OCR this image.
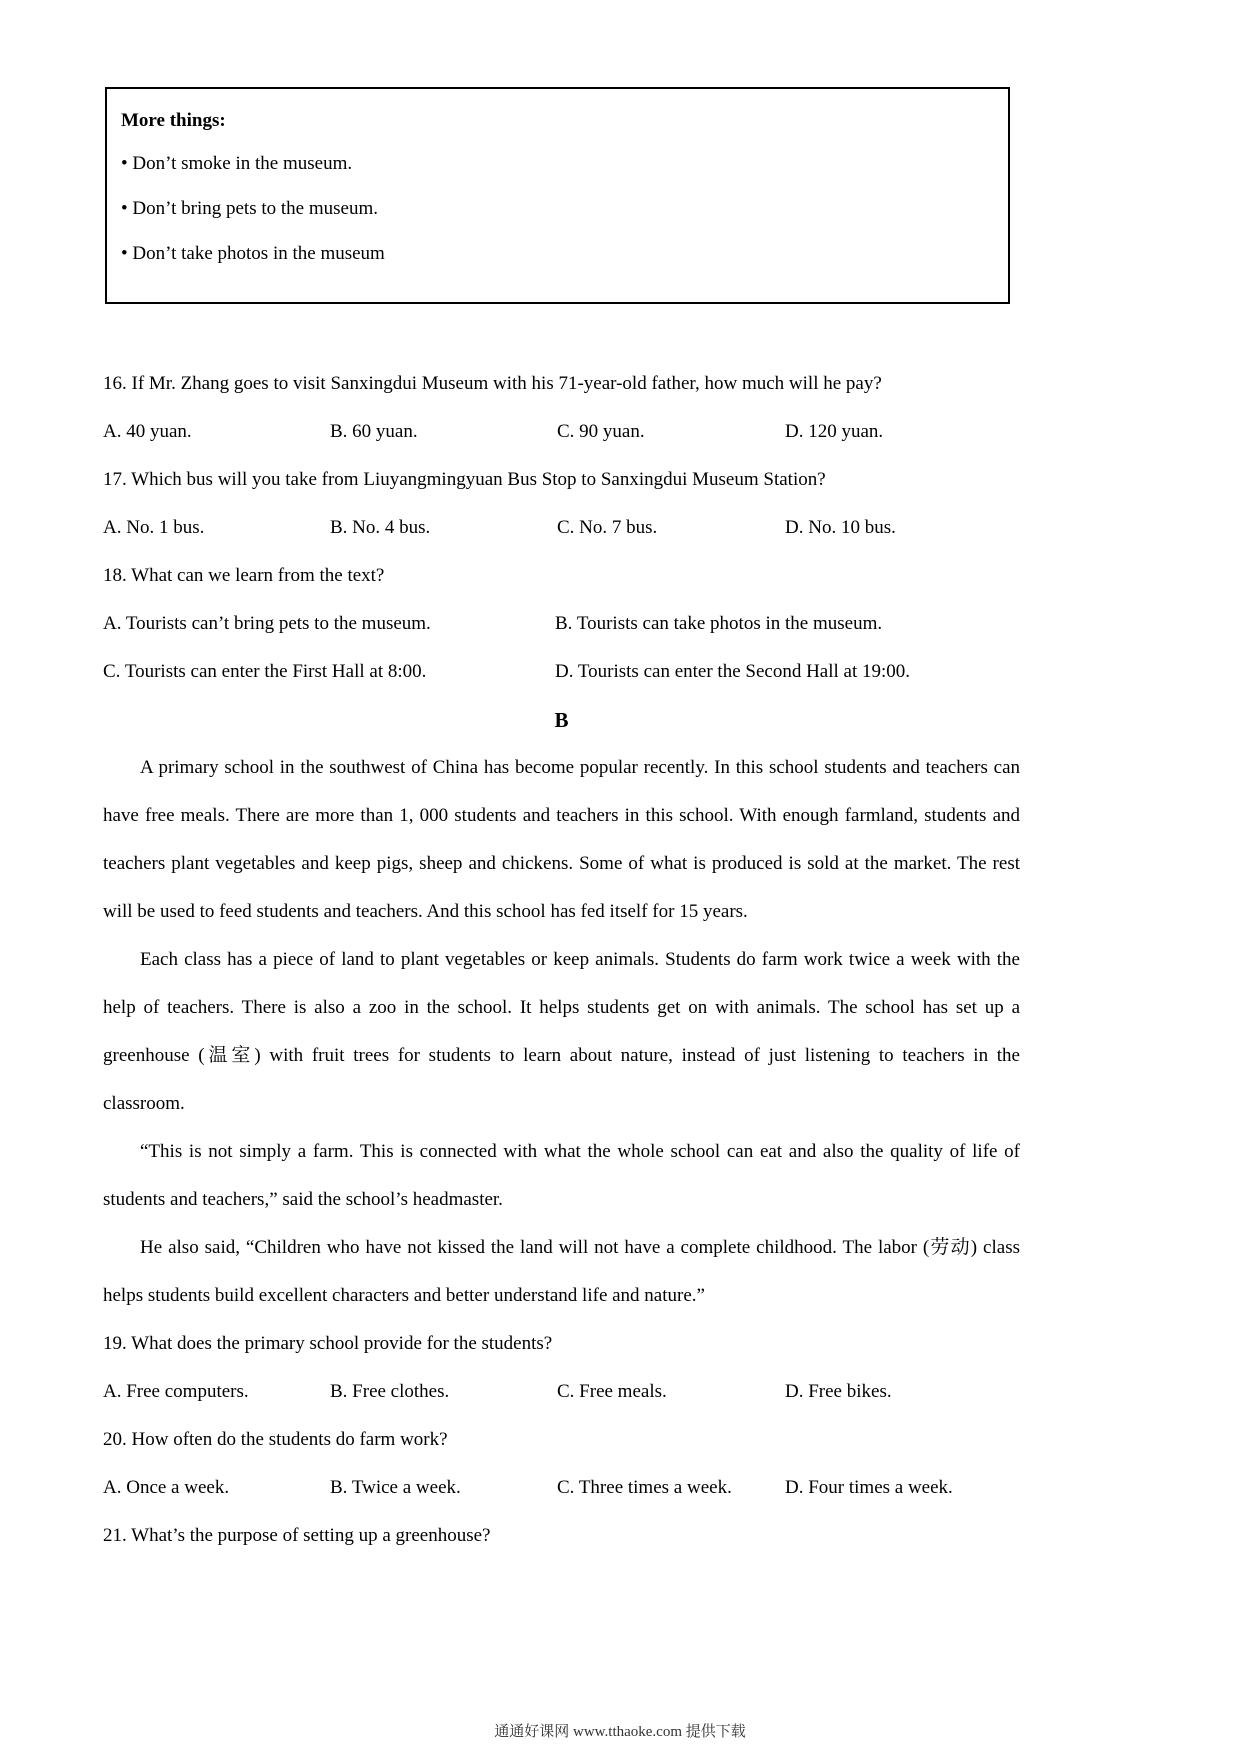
More things:
• Don’t smoke in the museum.
• Don’t bring pets to the museum.
• Don’t take photos in the museum
16. If Mr. Zhang goes to visit Sanxingdui Museum with his 71-year-old father, how much will he pay?
A. 40 yuan.	B. 60 yuan.	C. 90 yuan.	D. 120 yuan.
17. Which bus will you take from Liuyangmingyuan Bus Stop to Sanxingdui Museum Station?
A. No. 1 bus.	B. No. 4 bus.	C. No. 7 bus.	D. No. 10 bus.
18. What can we learn from the text?
A. Tourists can’t bring pets to the museum.	B. Tourists can take photos in the museum.
C. Tourists can enter the First Hall at 8:00.	D. Tourists can enter the Second Hall at 19:00.
B

A primary school in the southwest of China has become popular recently. In this school students and teachers can have free meals. There are more than 1, 000 students and teachers in this school. With enough farmland, students and teachers plant vegetables and keep pigs, sheep and chickens. Some of what is produced is sold at the market. The rest will be used to feed students and teachers. And this school has fed itself for 15 years.

Each class has a piece of land to plant vegetables or keep animals. Students do farm work twice a week with the help of teachers. There is also a zoo in the school. It helps students get on with animals. The school has set up a greenhouse (温室) with fruit trees for students to learn about nature, instead of just listening to teachers in the classroom.

“This is not simply a farm. This is connected with what the whole school can eat and also the quality of life of students and teachers,” said the school’s headmaster.

He also said, “Children who have not kissed the land will not have a complete childhood. The labor (劳动) class helps students build excellent characters and better understand life and nature.”

19. What does the primary school provide for the students?
A. Free computers.	B. Free clothes.	C. Free meals.	D. Free bikes.
20. How often do the students do farm work?
A. Once a week.	B. Twice a week.	C. Three times a week.	D. Four times a week.
21. What’s the purpose of setting up a greenhouse?
通通好课网 www.tthaoke.com 提供下载
